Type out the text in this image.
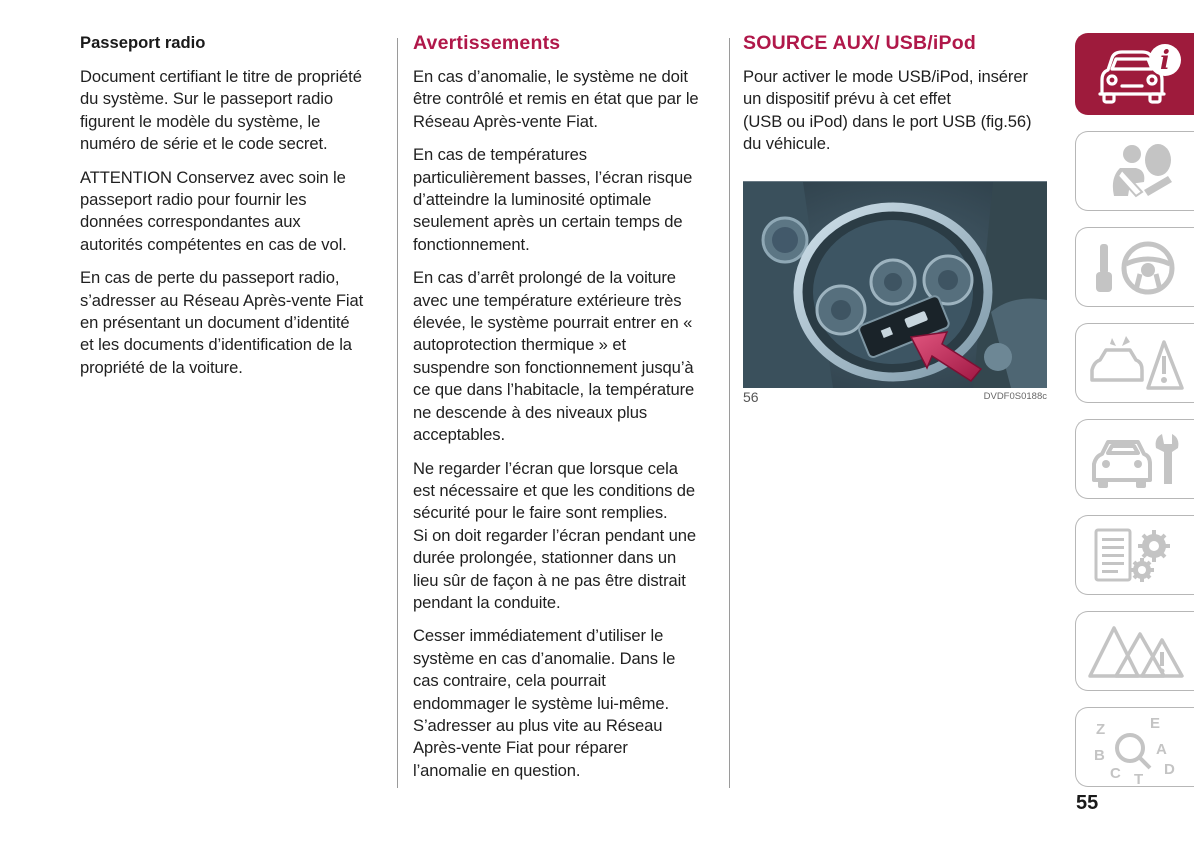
Passeport radio

Document certifiant le titre de propriété
du système. Sur le passeport radio
figurent le modèle du système, le
numéro de série et le code secret.

ATTENTION Conservez avec soin le
passeport radio pour fournir les
données correspondantes aux
autorités compétentes en cas de vol.

En cas de perte du passeport radio,
s’adresser au Réseau Après-vente Fiat
en présentant un document d’identité
et les documents d’identification de la
propriété de la voiture.

Avertissements

En cas d’anomalie, le système ne doit
être contrôlé et remis en état que par le
Réseau Après-vente Fiat.

En cas de températures
particulièrement basses, l’écran risque
d’atteindre la luminosité optimale
seulement après un certain temps de
fonctionnement.

En cas d’arrêt prolongé de la voiture
avec une température extérieure très
élevée, le système pourrait entrer en «
autoprotection thermique » et
suspendre son fonctionnement jusqu’à
ce que dans l’habitacle, la température
ne descende à des niveaux plus
acceptables.

Ne regarder l’écran que lorsque cela
est nécessaire et que les conditions de
sécurité pour le faire sont remplies.
Si on doit regarder l’écran pendant une
durée prolongée, stationner dans un
lieu sûr de façon à ne pas être distrait
pendant la conduite.

Cesser immédiatement d’utiliser le
système en cas d’anomalie. Dans le
cas contraire, cela pourrait
endommager le système lui-même.
S’adresser au plus vite au Réseau
Après-vente Fiat pour réparer
l’anomalie en question.

SOURCE AUX/ USB/iPod

Pour activer le mode USB/iPod, insérer
un dispositif prévu à cet effet
(USB ou iPod) dans le port USB (fig.56)
du véhicule.

56	DVDF0S0188c
i
Z	E
B	A
C	D
T
55
